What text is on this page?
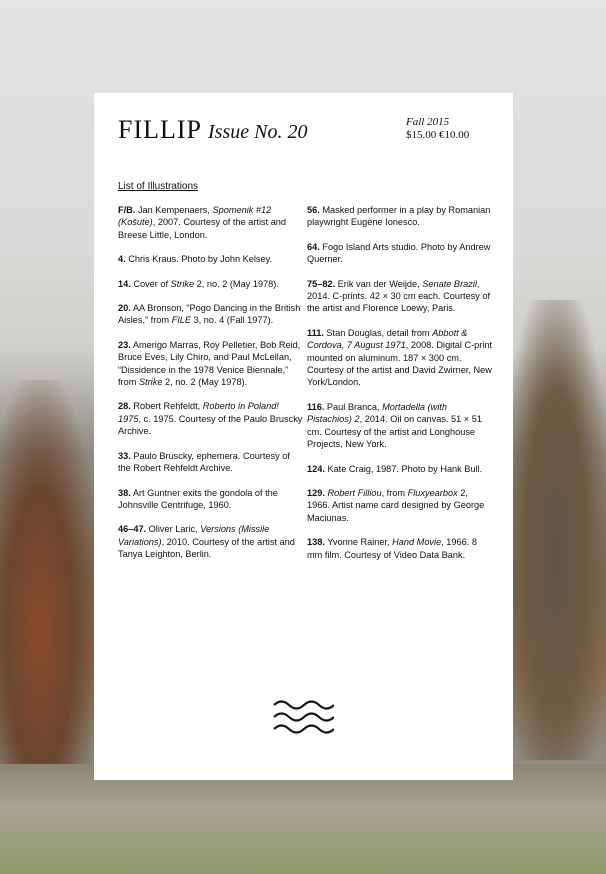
FILLIP Issue No. 20	Fall 2015
$15.00 €10.00
List of Illustrations
F/B. Jan Kempenaers, Spomenik #12 (Košute), 2007. Courtesy of the artist and Breese Little, London.
4. Chris Kraus. Photo by John Kelsey.
14. Cover of Strike 2, no. 2 (May 1978).
20. AA Bronson, “Pogo Dancing in the British Aisles,” from FILE 3, no. 4 (Fall 1977).
23. Amerigo Marras, Roy Pelletier, Bob Reid, Bruce Eves, Lily Chiro, and Paul McLellan, “Dissidence in the 1978 Venice Biennale,” from Strike 2, no. 2 (May 1978).
28. Robert Rehfeldt, Roberto in Poland! 1975, c. 1975. Courtesy of the Paulo Bruscky Archive.
33. Paulo Bruscky, ephemera. Courtesy of the Robert Rehfeldt Archive.
38. Art Guntner exits the gondola of the Johnsville Centrifuge, 1960.
46–47. Oliver Laric, Versions (Missile Variations), 2010. Courtesy of the artist and Tanya Leighton, Berlin.
56. Masked performer in a play by Romanian playwright Eugène Ionesco.
64. Fogo Island Arts studio. Photo by Andrew Querner.
75–82. Erik van der Weijde, Senate Brazil, 2014. C-prints. 42 × 30 cm each. Courtesy of the artist and Florence Loewy, Paris.
111. Stan Douglas, detail from Abbott & Cordova, 7 August 1971, 2008. Digital C-print mounted on aluminum. 187 × 300 cm. Courtesy of the artist and David Zwirner, New York/London.
116. Paul Branca, Mortadella (with Pistachios) 2, 2014. Oil on canvas. 51 × 51 cm. Courtesy of the artist and Longhouse Projects, New York.
124. Kate Craig, 1987. Photo by Hank Bull.
129. Robert Filliou, from Fluxyearbox 2, 1966. Artist name card designed by George Maciunas.
138. Yvonne Rainer, Hand Movie, 1966. 8 mm film. Courtesy of Video Data Bank.
